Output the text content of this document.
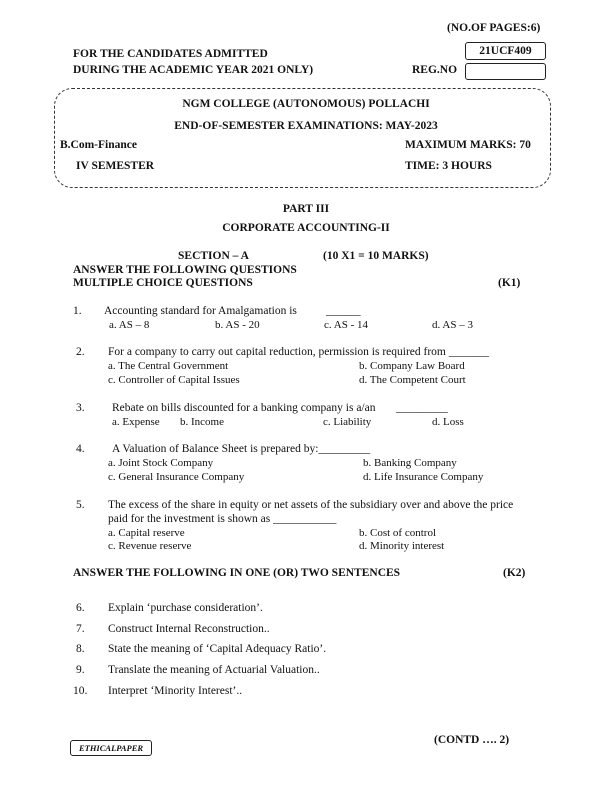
(NO.OF PAGES:6)
FOR THE CANDIDATES ADMITTED
DURING THE ACADEMIC YEAR 2021 ONLY)
21UCF409
REG.NO
NGM COLLEGE (AUTONOMOUS) POLLACHI
END-OF-SEMESTER EXAMINATIONS: MAY-2023
B.Com-Finance	MAXIMUM MARKS: 70
IV SEMESTER	TIME: 3 HOURS
PART III
CORPORATE ACCOUNTING-II
SECTION – A	(10 X1 = 10 MARKS)
ANSWER THE FOLLOWING QUESTIONS
MULTIPLE CHOICE QUESTIONS	(K1)
1. Accounting standard for Amalgamation is	______
a. AS – 8	b. AS - 20	c. AS - 14	d. AS – 3
2. For a company to carry out capital reduction, permission is required from _______
a. The Central Government	b. Company Law Board
c. Controller of Capital Issues	d. The Competent Court
3. Rebate on bills discounted for a banking company is a/an _________
a. Expense b. Income	c. Liability	d. Loss
4. A Valuation of Balance Sheet is prepared by:_________
a. Joint Stock Company	b. Banking Company
c. General Insurance Company	d. Life Insurance Company
5. The excess of the share in equity or net assets of the subsidiary over and above the price
paid for the investment is shown as ___________
a. Capital reserve	b. Cost of control
c. Revenue reserve	d. Minority interest
ANSWER THE FOLLOWING IN ONE (OR) TWO SENTENCES	(K2)
6. Explain ‘purchase consideration’.
7. Construct Internal Reconstruction..
8. State the meaning of ‘Capital Adequacy Ratio’.
9. Translate the meaning of Actuarial Valuation..
10. Interpret ‘Minority Interest’..
(CONTD …. 2)
ETHICALPAPER
